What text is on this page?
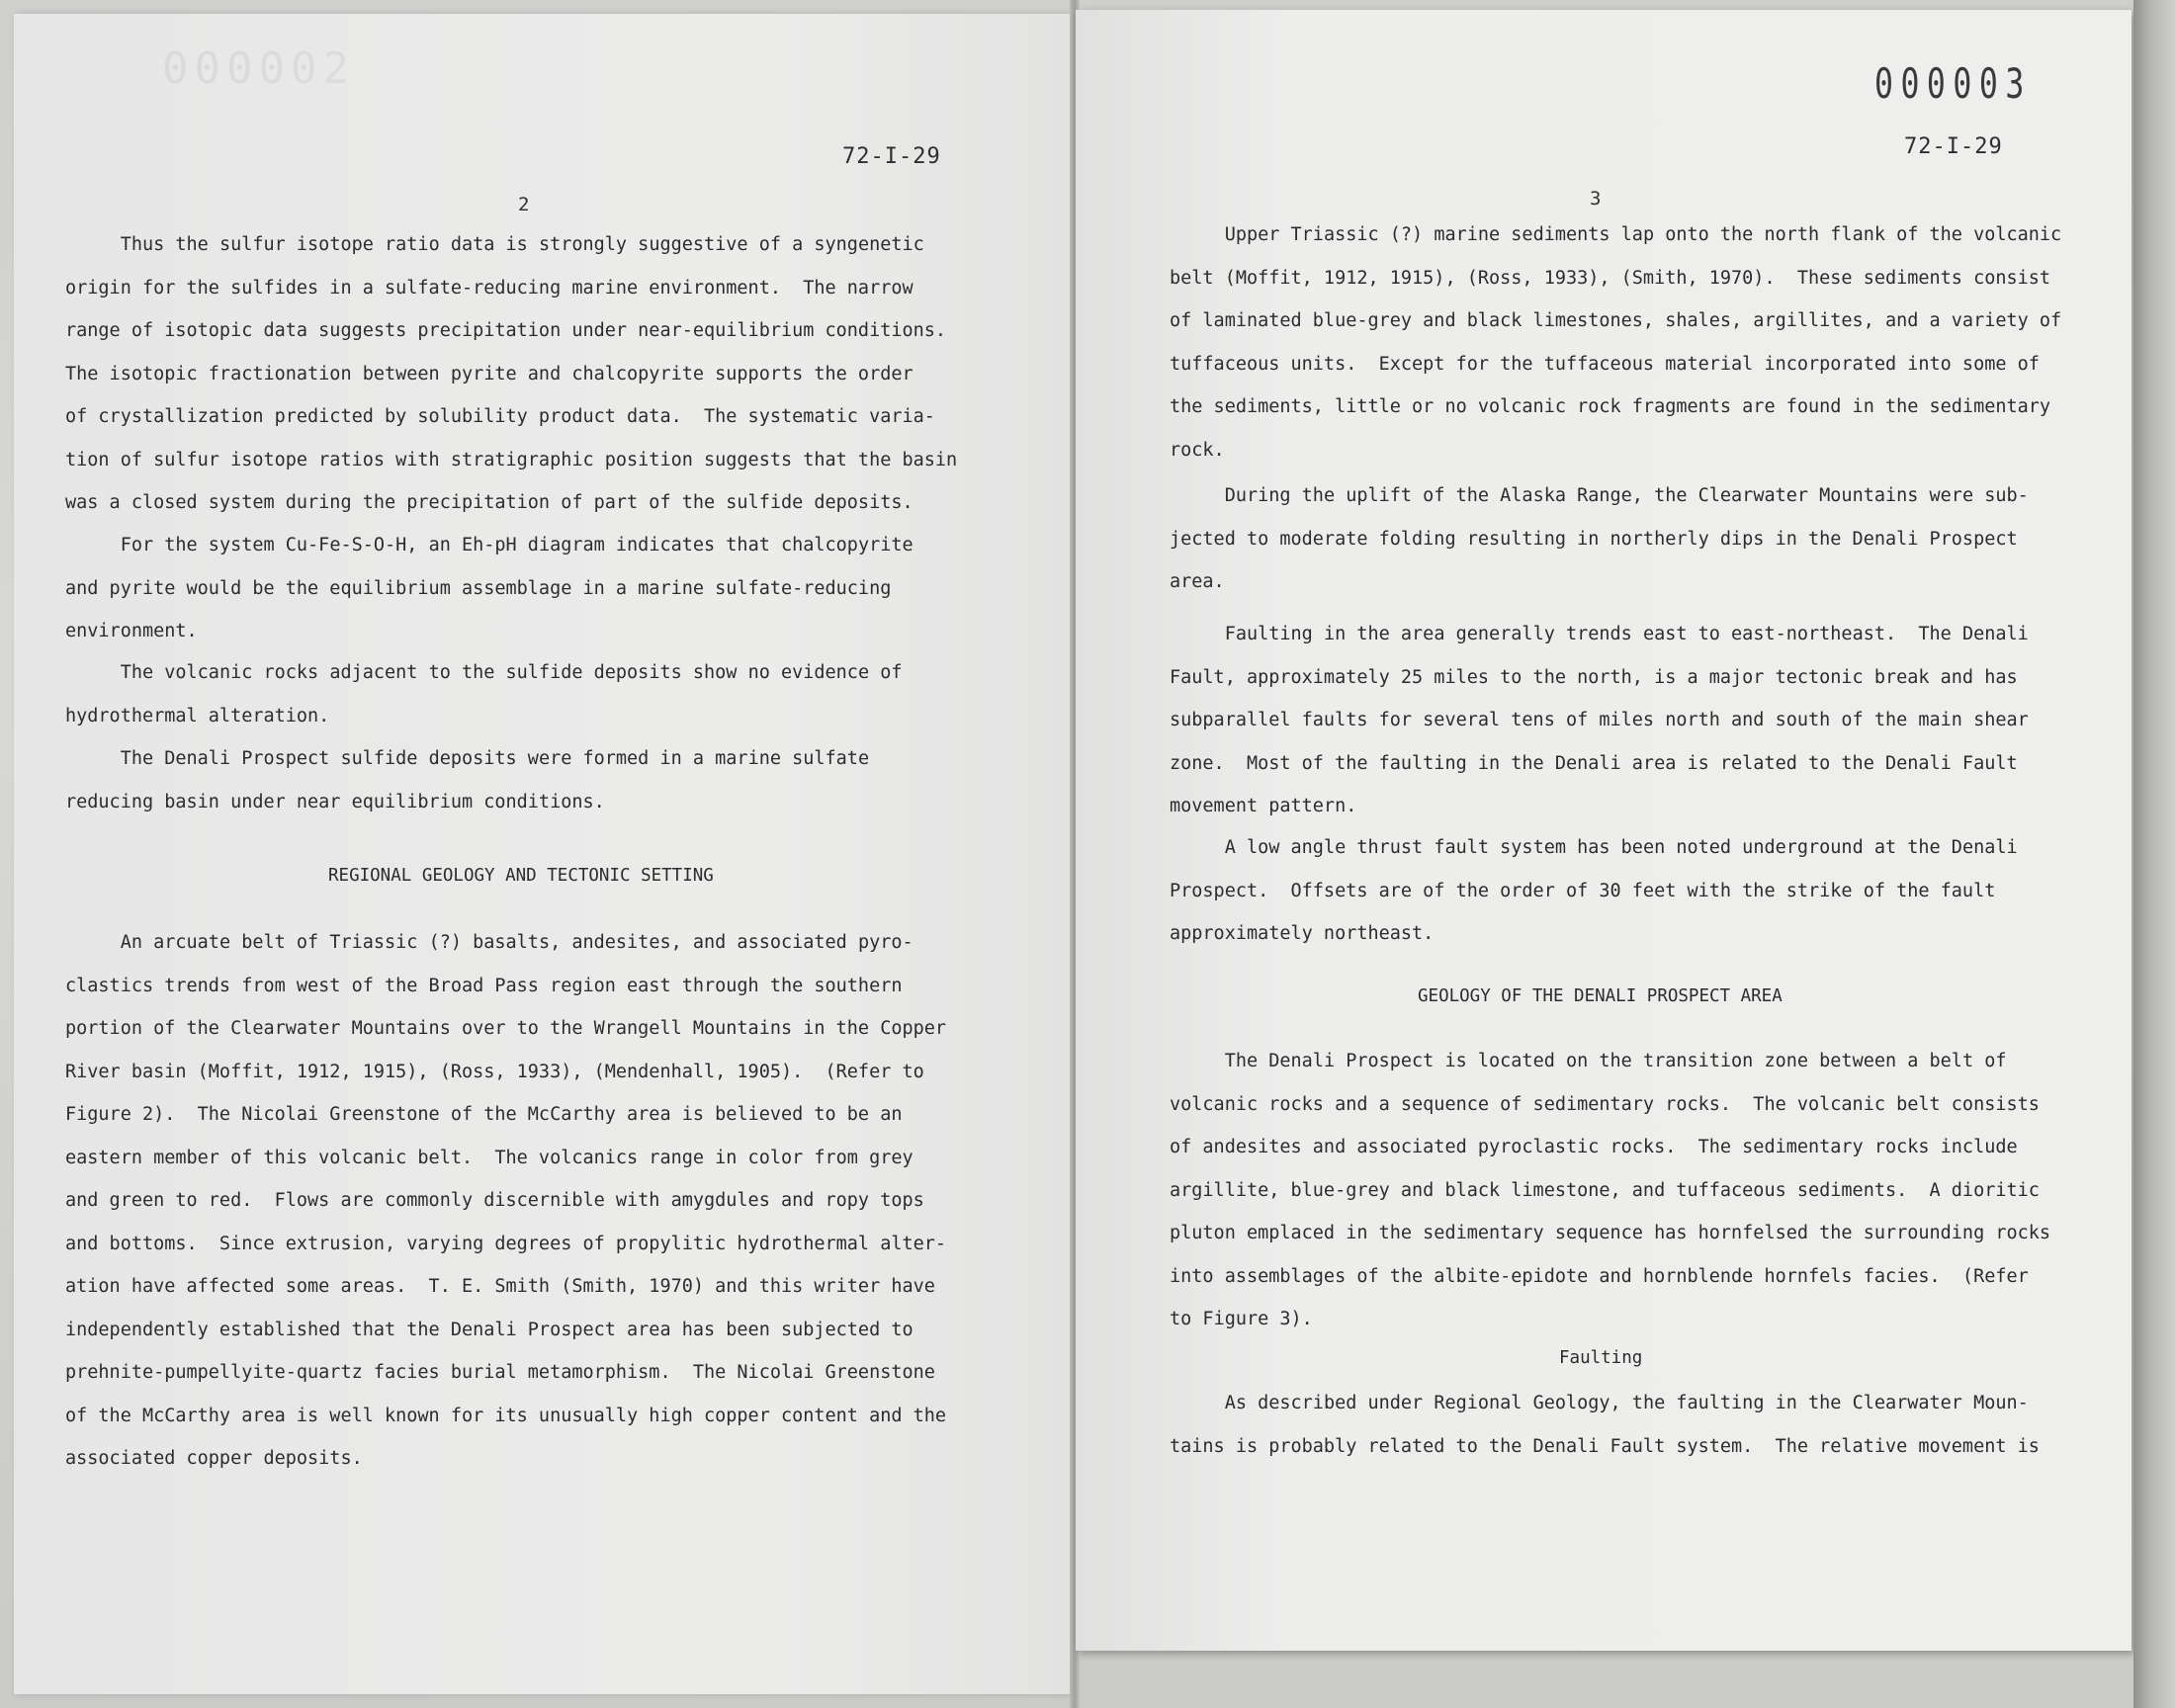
000002
72-I-29
2

Thus the sulfur isotope ratio data is strongly suggestive of a syngenetic
origin for the sulfides in a sulfate-reducing marine environment.  The narrow
range of isotopic data suggests precipitation under near-equilibrium conditions.
The isotopic fractionation between pyrite and chalcopyrite supports the order
of crystallization predicted by solubility product data.  The systematic varia-
tion of sulfur isotope ratios with stratigraphic position suggests that the basin
was a closed system during the precipitation of part of the sulfide deposits.

For the system Cu-Fe-S-O-H, an Eh-pH diagram indicates that chalcopyrite
and pyrite would be the equilibrium assemblage in a marine sulfate-reducing
environment.

The volcanic rocks adjacent to the sulfide deposits show no evidence of
hydrothermal alteration.

The Denali Prospect sulfide deposits were formed in a marine sulfate
reducing basin under near equilibrium conditions.

REGIONAL GEOLOGY AND TECTONIC SETTING

An arcuate belt of Triassic (?) basalts, andesites, and associated pyro-
clastics trends from west of the Broad Pass region east through the southern
portion of the Clearwater Mountains over to the Wrangell Mountains in the Copper
River basin (Moffit, 1912, 1915), (Ross, 1933), (Mendenhall, 1905).  (Refer to
Figure 2).  The Nicolai Greenstone of the McCarthy area is believed to be an
eastern member of this volcanic belt.  The volcanics range in color from grey
and green to red.  Flows are commonly discernible with amygdules and ropy tops
and bottoms.  Since extrusion, varying degrees of propylitic hydrothermal alter-
ation have affected some areas.  T. E. Smith (Smith, 1970) and this writer have
independently established that the Denali Prospect area has been subjected to
prehnite-pumpellyite-quartz facies burial metamorphism.  The Nicolai Greenstone
of the McCarthy area is well known for its unusually high copper content and the
associated copper deposits.

000003
72-I-29
3

Upper Triassic (?) marine sediments lap onto the north flank of the volcanic
belt (Moffit, 1912, 1915), (Ross, 1933), (Smith, 1970).  These sediments consist
of laminated blue-grey and black limestones, shales, argillites, and a variety of
tuffaceous units.  Except for the tuffaceous material incorporated into some of
the sediments, little or no volcanic rock fragments are found in the sedimentary
rock.

During the uplift of the Alaska Range, the Clearwater Mountains were sub-
jected to moderate folding resulting in northerly dips in the Denali Prospect
area.

Faulting in the area generally trends east to east-northeast.  The Denali
Fault, approximately 25 miles to the north, is a major tectonic break and has
subparallel faults for several tens of miles north and south of the main shear
zone.  Most of the faulting in the Denali area is related to the Denali Fault
movement pattern.

A low angle thrust fault system has been noted underground at the Denali
Prospect.  Offsets are of the order of 30 feet with the strike of the fault
approximately northeast.

GEOLOGY OF THE DENALI PROSPECT AREA

The Denali Prospect is located on the transition zone between a belt of
volcanic rocks and a sequence of sedimentary rocks.  The volcanic belt consists
of andesites and associated pyroclastic rocks.  The sedimentary rocks include
argillite, blue-grey and black limestone, and tuffaceous sediments.  A dioritic
pluton emplaced in the sedimentary sequence has hornfelsed the surrounding rocks
into assemblages of the albite-epidote and hornblende hornfels facies.  (Refer
to Figure 3).

Faulting

As described under Regional Geology, the faulting in the Clearwater Moun-
tains is probably related to the Denali Fault system.  The relative movement is
